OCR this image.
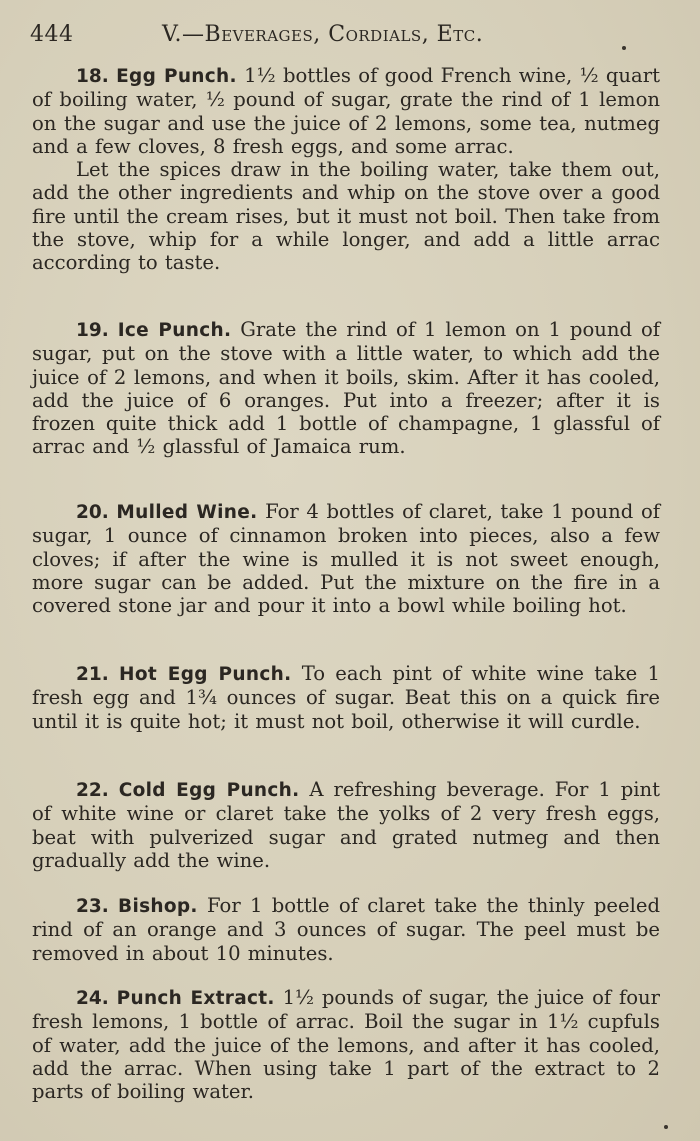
444	V.—Beverages, Cordials, Etc.

18. Egg Punch. 1½ bottles of good French wine, ½ quart of boiling water, ½ pound of sugar, grate the rind of 1 lemon on the sugar and use the juice of 2 lemons, some tea, nutmeg and a few cloves, 8 fresh eggs, and some arrac.

Let the spices draw in the boiling water, take them out, add the other ingredients and whip on the stove over a good fire until the cream rises, but it must not boil. Then take from the stove, whip for a while longer, and add a little arrac according to taste.

19. Ice Punch. Grate the rind of 1 lemon on 1 pound of sugar, put on the stove with a little water, to which add the juice of 2 lemons, and when it boils, skim. After it has cooled, add the juice of 6 oranges. Put into a freezer; after it is frozen quite thick add 1 bottle of champagne, 1 glassful of arrac and ½ glassful of Jamaica rum.

20. Mulled Wine. For 4 bottles of claret, take 1 pound of sugar, 1 ounce of cinnamon broken into pieces, also a few cloves; if after the wine is mulled it is not sweet enough, more sugar can be added. Put the mixture on the fire in a covered stone jar and pour it into a bowl while boiling hot.

21. Hot Egg Punch. To each pint of white wine take 1 fresh egg and 1¾ ounces of sugar. Beat this on a quick fire until it is quite hot; it must not boil, otherwise it will curdle.

22. Cold Egg Punch. A refreshing beverage. For 1 pint of white wine or claret take the yolks of 2 very fresh eggs, beat with pulverized sugar and grated nutmeg and then gradually add the wine.

23. Bishop. For 1 bottle of claret take the thinly peeled rind of an orange and 3 ounces of sugar. The peel must be removed in about 10 minutes.

24. Punch Extract. 1½ pounds of sugar, the juice of four fresh lemons, 1 bottle of arrac. Boil the sugar in 1½ cupfuls of water, add the juice of the lemons, and after it has cooled, add the arrac. When using take 1 part of the extract to 2 parts of boiling water.
